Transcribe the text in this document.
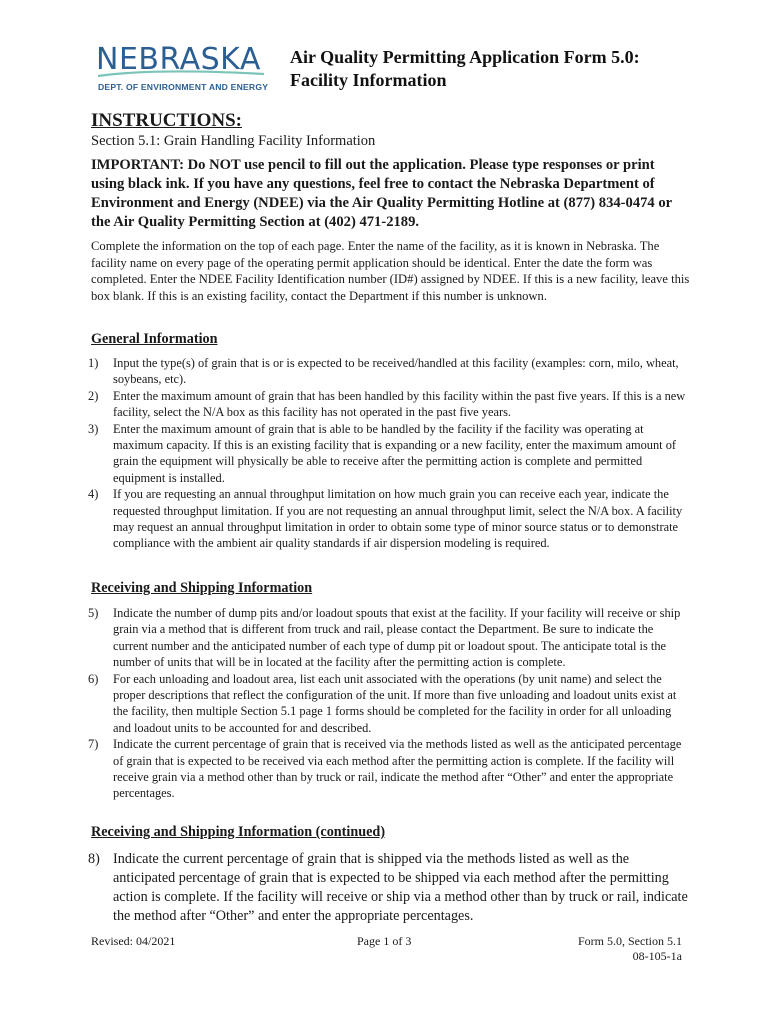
NEBRASKA
DEPT. OF ENVIRONMENT AND ENERGY
Air Quality Permitting Application Form 5.0:
Facility Information
INSTRUCTIONS:
Section 5.1: Grain Handling Facility Information
IMPORTANT: Do NOT use pencil to fill out the application. Please type responses or print using black ink. If you have any questions, feel free to contact the Nebraska Department of Environment and Energy (NDEE) via the Air Quality Permitting Hotline at (877) 834-0474 or the Air Quality Permitting Section at (402) 471-2189.
Complete the information on the top of each page. Enter the name of the facility, as it is known in Nebraska. The facility name on every page of the operating permit application should be identical. Enter the date the form was completed. Enter the NDEE Facility Identification number (ID#) assigned by NDEE. If this is a new facility, leave this box blank. If this is an existing facility, contact the Department if this number is unknown.
General Information
1) Input the type(s) of grain that is or is expected to be received/handled at this facility (examples: corn, milo, wheat, soybeans, etc).
2) Enter the maximum amount of grain that has been handled by this facility within the past five years. If this is a new facility, select the N/A box as this facility has not operated in the past five years.
3) Enter the maximum amount of grain that is able to be handled by the facility if the facility was operating at maximum capacity. If this is an existing facility that is expanding or a new facility, enter the maximum amount of grain the equipment will physically be able to receive after the permitting action is complete and permitted equipment is installed.
4) If you are requesting an annual throughput limitation on how much grain you can receive each year, indicate the requested throughput limitation. If you are not requesting an annual throughput limit, select the N/A box. A facility may request an annual throughput limitation in order to obtain some type of minor source status or to demonstrate compliance with the ambient air quality standards if air dispersion modeling is required.
Receiving and Shipping Information
5) Indicate the number of dump pits and/or loadout spouts that exist at the facility. If your facility will receive or ship grain via a method that is different from truck and rail, please contact the Department. Be sure to indicate the current number and the anticipated number of each type of dump pit or loadout spout. The anticipate total is the number of units that will be in located at the facility after the permitting action is complete.
6) For each unloading and loadout area, list each unit associated with the operations (by unit name) and select the proper descriptions that reflect the configuration of the unit. If more than five unloading and loadout units exist at the facility, then multiple Section 5.1 page 1 forms should be completed for the facility in order for all unloading and loadout units to be accounted for and described.
7) Indicate the current percentage of grain that is received via the methods listed as well as the anticipated percentage of grain that is expected to be received via each method after the permitting action is complete. If the facility will receive grain via a method other than by truck or rail, indicate the method after “Other” and enter the appropriate percentages.
Receiving and Shipping Information (continued)
8) Indicate the current percentage of grain that is shipped via the methods listed as well as the anticipated percentage of grain that is expected to be shipped via each method after the permitting action is complete. If the facility will receive or ship via a method other than by truck or rail, indicate the method after “Other” and enter the appropriate percentages.
Revised: 04/2021	Page 1 of 3	Form 5.0, Section 5.1
08-105-1a
